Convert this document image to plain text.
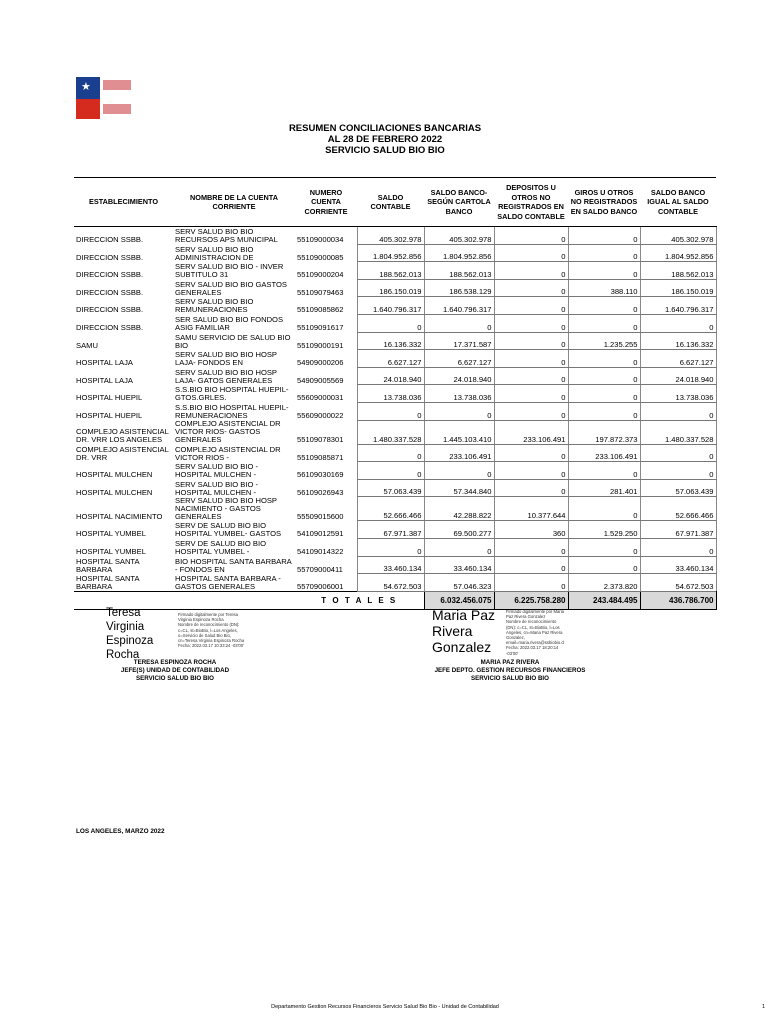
★
RESUMEN CONCILIACIONES BANCARIAS
AL 28 DE FEBRERO 2022
SERVICIO SALUD BIO BIO
ESTABLECIMIENTO	NOMBRE DE LA CUENTA CORRIENTE	NUMERO CUENTA CORRIENTE	SALDO CONTABLE	SALDO BANCO- SEGÚN CARTOLA BANCO	DEPOSITOS U OTROS NO REGISTRADOS EN SALDO CONTABLE	GIROS U OTROS NO REGISTRADOS EN SALDO BANCO	SALDO BANCO IGUAL AL SALDO CONTABLE	
DIRECCION SSBB.	SERV SALUD BIO BIO RECURSOS APS MUNICIPAL	55109000034	405.302.978	405.302.978	0	0	405.302.978	
DIRECCION SSBB.	SERV SALUD BIO BIO ADMINISTRACION DE	55109000085	1.804.952.856	1.804.952.856	0	0	1.804.952.856	
DIRECCION SSBB.	SERV SALUD BIO BIO - INVER SUBTITULO 31	55109000204	188.562.013	188.562.013	0	0	188.562.013	
DIRECCION SSBB.	SERV SALUD BIO BIO GASTOS GENERALES	55109079463	186.150.019	186.538.129	0	388.110	186.150.019	
DIRECCION SSBB.	SERV SALUD BIO BIO REMUNERACIONES	55109085862	1.640.796.317	1.640.796.317	0	0	1.640.796.317	
DIRECCION SSBB.	SER SALUD BIO BIO FONDOS ASIG FAMILIAR	55109091617	0	0	0	0	0	
SAMU	SAMU SERVICIO DE SALUD BIO BIO	55109000191	16.136.332	17.371.587	0	1.235.255	16.136.332	
HOSPITAL LAJA	SERV SALUD BIO BIO HOSP LAJA- FONDOS EN	54909000206	6.627.127	6.627.127	0	0	6.627.127	
HOSPITAL LAJA	SERV SALUD BIO BIO HOSP LAJA- GATOS GENERALES	54909005569	24.018.940	24.018.940	0	0	24.018.940	
HOSPITAL HUEPIL	S.S.BIO BIO HOSPITAL HUEPIL-GTOS.GRLES.	55609000031	13.738.036	13.738.036	0	0	13.738.036	
HOSPITAL HUEPIL	S.S.BIO BIO HOSPITAL HUEPIL-REMUNERACIONES	55609000022	0	0	0	0	0	
COMPLEJO ASISTENCIAL DR. VRR LOS ANGELES	COMPLEJO ASISTENCIAL DR VICTOR RIOS- GASTOS GENERALES	55109078301	1.480.337.528	1.445.103.410	233.106.491	197.872.373	1.480.337.528	
COMPLEJO ASISTENCIAL DR. VRR	COMPLEJO ASISTENCIAL DR VICTOR RIOS -	55109085871	0	233.106.491	0	233.106.491	0	
HOSPITAL MULCHEN	SERV SALUD BIO BIO - HOSPITAL MULCHEN -	56109030169	0	0	0	0	0	
HOSPITAL MULCHEN	SERV SALUD BIO BIO - HOSPITAL MULCHEN -	56109026943	57.063.439	57.344.840	0	281.401	57.063.439	
HOSPITAL NACIMIENTO	SERV SALUD BIO BIO HOSP NACIMIENTO - GASTOS GENERALES	55509015600	52.666.466	42.288.822	10.377.644	0	52.666.466	
HOSPITAL YUMBEL	SERV DE SALUD BIO BIO HOSPITAL YUMBEL- GASTOS	54109012591	67.971.387	69.500.277	360	1.529.250	67.971.387	
HOSPITAL YUMBEL	SERV DE SALUD BIO BIO HOSPITAL YUMBEL -	54109014322	0	0	0	0	0	
HOSPITAL SANTA BARBARA	BIO HOSPITAL SANTA BARBARA - FONDOS EN	55709000411	33.460.134	33.460.134	0	0	33.460.134	
HOSPITAL SANTA BARBARA	HOSPITAL SANTA BARBARA - GASTOS GENERALES	55709006001	54.672.503	57.046.323	0	2.373.820	54.672.503	
		T O T A L E S		6.032.456.075	6.225.758.280	243.484.495	436.786.700	
Teresa
Virginia
Espinoza
Rocha
Firmado digitalmente por Teresa
Virginia Espinoza Rocha
Nombre de reconocimiento (DN):
c=CL, st=BioBio, l=Los Angeles,
o=Servicio de Salud Bio Bio,
cn=Teresa Virginia Espinoza Rocha
Fecha: 2022.03.17 10:33:24 -03'00'
TERESA ESPINOZA ROCHA
JEFE(S) UNIDAD DE CONTABILIDAD
SERVICIO SALUD BIO BIO
Maria Paz
Rivera
Gonzalez
Firmado digitalmente por Maria
Paz Rivera Gonzalez
Nombre de reconocimiento
(DN): c=CL, st=BioBio, l=Los
Angeles, cn=Maria Paz Rivera
Gonzalez,
email=maria.rivera@ssbiobio.cl
Fecha: 2022.03.17 18:20:14
-03'00'
MARIA PAZ RIVERA
JEFE DEPTO. GESTION RECURSOS FINANCIEROS
SERVICIO SALUD BIO BIO
LOS ANGELES, MARZO 2022
Departamento Gestion Recursos Financieros Servicio Salud Bio Bio - Unidad de Contabilidad	1
